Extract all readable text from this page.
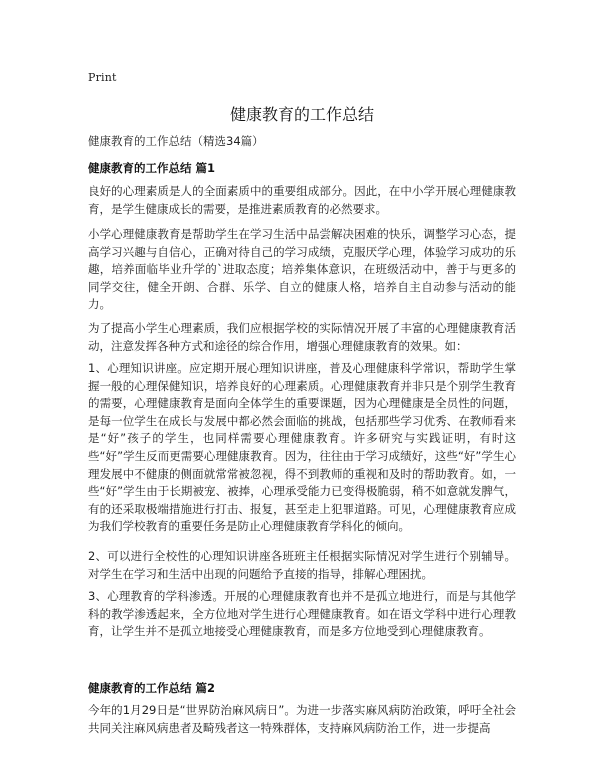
Print
健康教育的工作总结
健康教育的工作总结（精选34篇）
健康教育的工作总结 篇1

良好的心理素质是人的全面素质中的重要组成部分。因此，在中小学开展心理健康教育，是学生健康成长的需要，是推进素质教育的必然要求。

小学心理健康教育是帮助学生在学习生活中品尝解决困难的快乐，调整学习心态，提高学习兴趣与自信心，正确对待自己的学习成绩，克服厌学心理，体验学习成功的乐趣，培养面临毕业升学的`进取态度；培养集体意识，在班级活动中，善于与更多的同学交往，健全开朗、合群、乐学、自立的健康人格，培养自主自动参与活动的能力。

为了提高小学生心理素质，我们应根据学校的实际情况开展了丰富的心理健康教育活动，注意发挥各种方式和途径的综合作用，增强心理健康教育的效果。如：

1、心理知识讲座。应定期开展心理知识讲座，普及心理健康科学常识，帮助学生掌握一般的心理保健知识，培养良好的心理素质。心理健康教育并非只是个别学生教育的需要，心理健康教育是面向全体学生的重要课题，因为心理健康是全员性的问题，是每一位学生在成长与发展中都必然会面临的挑战，包括那些学习优秀、在教师看来是“好”孩子的学生，也同样需要心理健康教育。许多研究与实践证明，有时这些“好”学生反而更需要心理健康教育。因为，往往由于学习成绩好，这些“好”学生心理发展中不健康的侧面就常常被忽视，得不到教师的重视和及时的帮助教育。如，一些“好”学生由于长期被宠、被捧，心理承受能力已变得极脆弱，稍不如意就发脾气，有的还采取极端措施进行打击、报复，甚至走上犯罪道路。可见，心理健康教育应成为我们学校教育的重要任务是防止心理健康教育学科化的倾向。

2、可以进行全校性的心理知识讲座各班班主任根据实际情况对学生进行个别辅导。对学生在学习和生活中出现的问题给予直接的指导，排解心理困扰。

3、心理教育的学科渗透。开展的心理健康教育也并不是孤立地进行，而是与其他学科的教学渗透起来，全方位地对学生进行心理健康教育。如在语文学科中进行心理教育，让学生并不是孤立地接受心理健康教育，而是多方位地受到心理健康教育。

健康教育的工作总结 篇2

今年的1月29日是“世界防治麻风病日”。为进一步落实麻风病防治政策，呼吁全社会共同关注麻风病患者及畸残者这一特殊群体，支持麻风病防治工作，进一步提高
